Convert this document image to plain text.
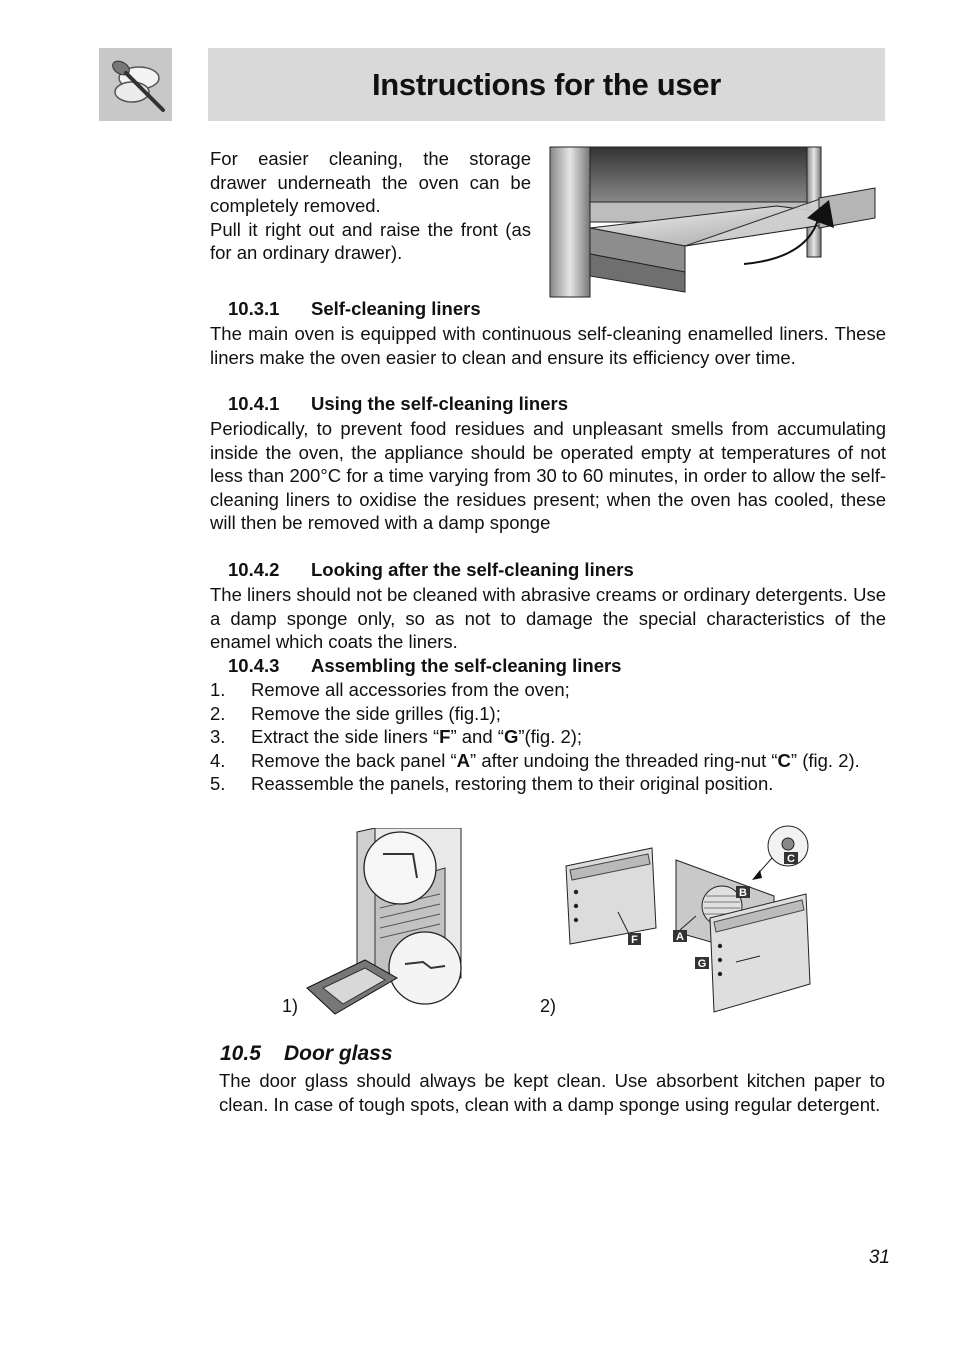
Instructions for the user

For easier cleaning, the storage drawer underneath the oven can be completely removed.

Pull it right out and raise the front (as for an ordinary drawer).

10.3.1 Self-cleaning liners

The main oven is equipped with continuous self-cleaning enamelled liners. These liners make the oven easier to clean and ensure its efficiency over time.

10.4.1 Using the self-cleaning liners

Periodically, to prevent food residues and unpleasant smells from accumulating inside the oven, the appliance should be operated empty at temperatures of not less than 200°C for a time varying from 30 to 60 minutes, in order to allow the self-cleaning liners to oxidise the residues present; when the oven has cooled, these will then be removed with a damp sponge

10.4.2 Looking after the self-cleaning liners

The liners should not be cleaned with abrasive creams or ordinary detergents. Use a damp sponge only, so as not to damage the special characteristics of the enamel which coats the liners.

10.4.3 Assembling the self-cleaning liners
1.	Remove all accessories from the oven;
2.	Remove the side grilles (fig.1);
3.	Extract the side liners “F” and “G”(fig. 2);
4.	Remove the back panel “A” after undoing the threaded ring-nut “C” (fig. 2).
5.	Reassemble the panels, restoring them to their original position.
1)
F
B
A
C
G
2)
10.5 Door glass

The door glass should always be kept clean. Use absorbent kitchen paper to clean. In case of tough spots, clean with a damp sponge using regular detergent.

31
